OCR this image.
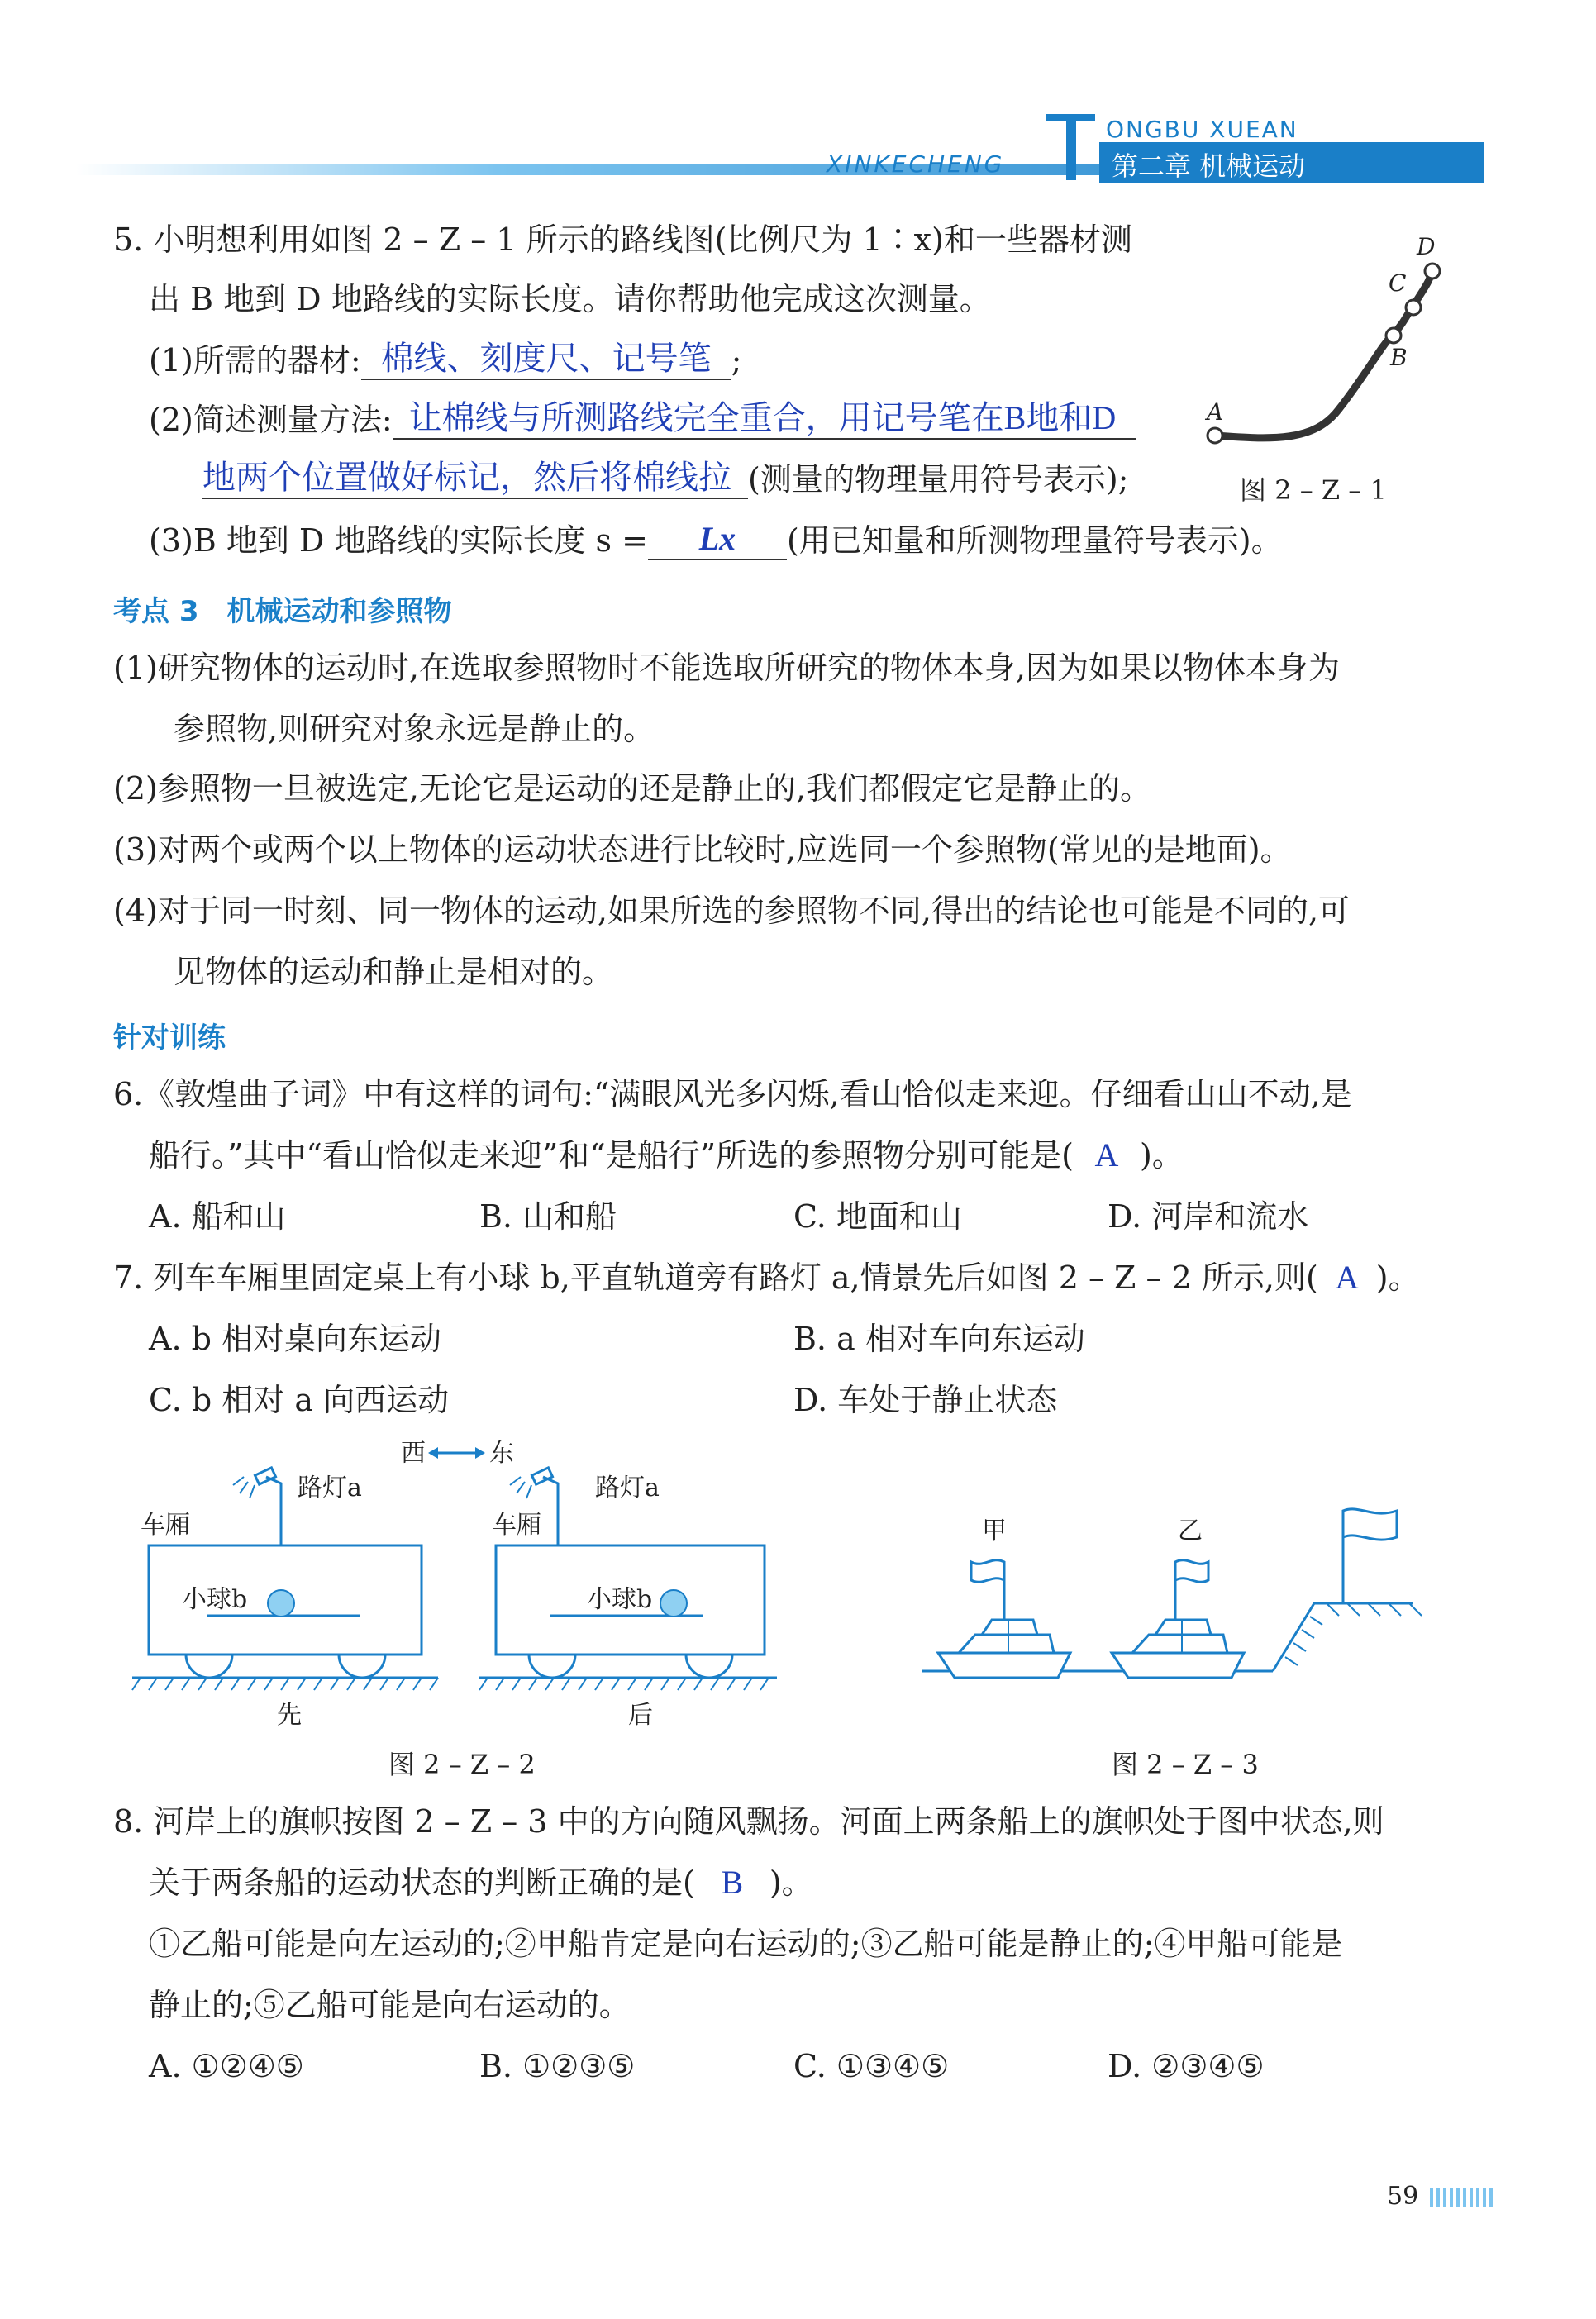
ONGBU XUEAN
XINKECHENG	第二章 机械运动
5. 小明想利用如图 2 – Z – 1 所示的路线图(比例尺为 1∶x)和一些器材测
出 B 地到 D 地路线的实际长度。请你帮助他完成这次测量。
(1)所需的器材: 棉线、刻度尺、记号笔 ;
(2)简述测量方法: 让棉线与所测路线完全重合，用记号笔在B地和D
地两个位置做好标记，然后将棉线拉 (测量的物理量用符号表示);
(3)B 地到 D 地路线的实际长度 s = Lx (用已知量和所测物理量符号表示)。
A
B
C
D
图 2 – Z – 1
考点 3　机械运动和参照物
(1)研究物体的运动时,在选取参照物时不能选取所研究的物体本身,因为如果以物体本身为
参照物,则研究对象永远是静止的。
(2)参照物一旦被选定,无论它是运动的还是静止的,我们都假定它是静止的。
(3)对两个或两个以上物体的运动状态进行比较时,应选同一个参照物(常见的是地面)。
(4)对于同一时刻、同一物体的运动,如果所选的参照物不同,得出的结论也可能是不同的,可
见物体的运动和静止是相对的。
针对训练
6.《敦煌曲子词》中有这样的词句:“满眼风光多闪烁,看山恰似走来迎。仔细看山山不动,是
船行。”其中“看山恰似走来迎”和“是船行”所选的参照物分别可能是( A )。
A. 船和山	B. 山和船	C. 地面和山	D. 河岸和流水
7. 列车车厢里固定桌上有小球 b,平直轨道旁有路灯 a,情景先后如图 2 – Z – 2 所示,则( A )。
A. b 相对桌向东运动	B. a 相对车向东运动
C. b 相对 a 向西运动	D. 车处于静止状态
西	东
路灯a
车厢
小球b
先
路灯a
车厢
小球b
后
图 2 – Z – 2
甲	乙
图 2 – Z – 3
8. 河岸上的旗帜按图 2 – Z – 3 中的方向随风飘扬。河面上两条船上的旗帜处于图中状态,则
关于两条船的运动状态的判断正确的是( B )。
①乙船可能是向左运动的;②甲船肯定是向右运动的;③乙船可能是静止的;④甲船可能是
静止的;⑤乙船可能是向右运动的。
A. ①②④⑤	B. ①②③⑤	C. ①③④⑤	D. ②③④⑤
59
